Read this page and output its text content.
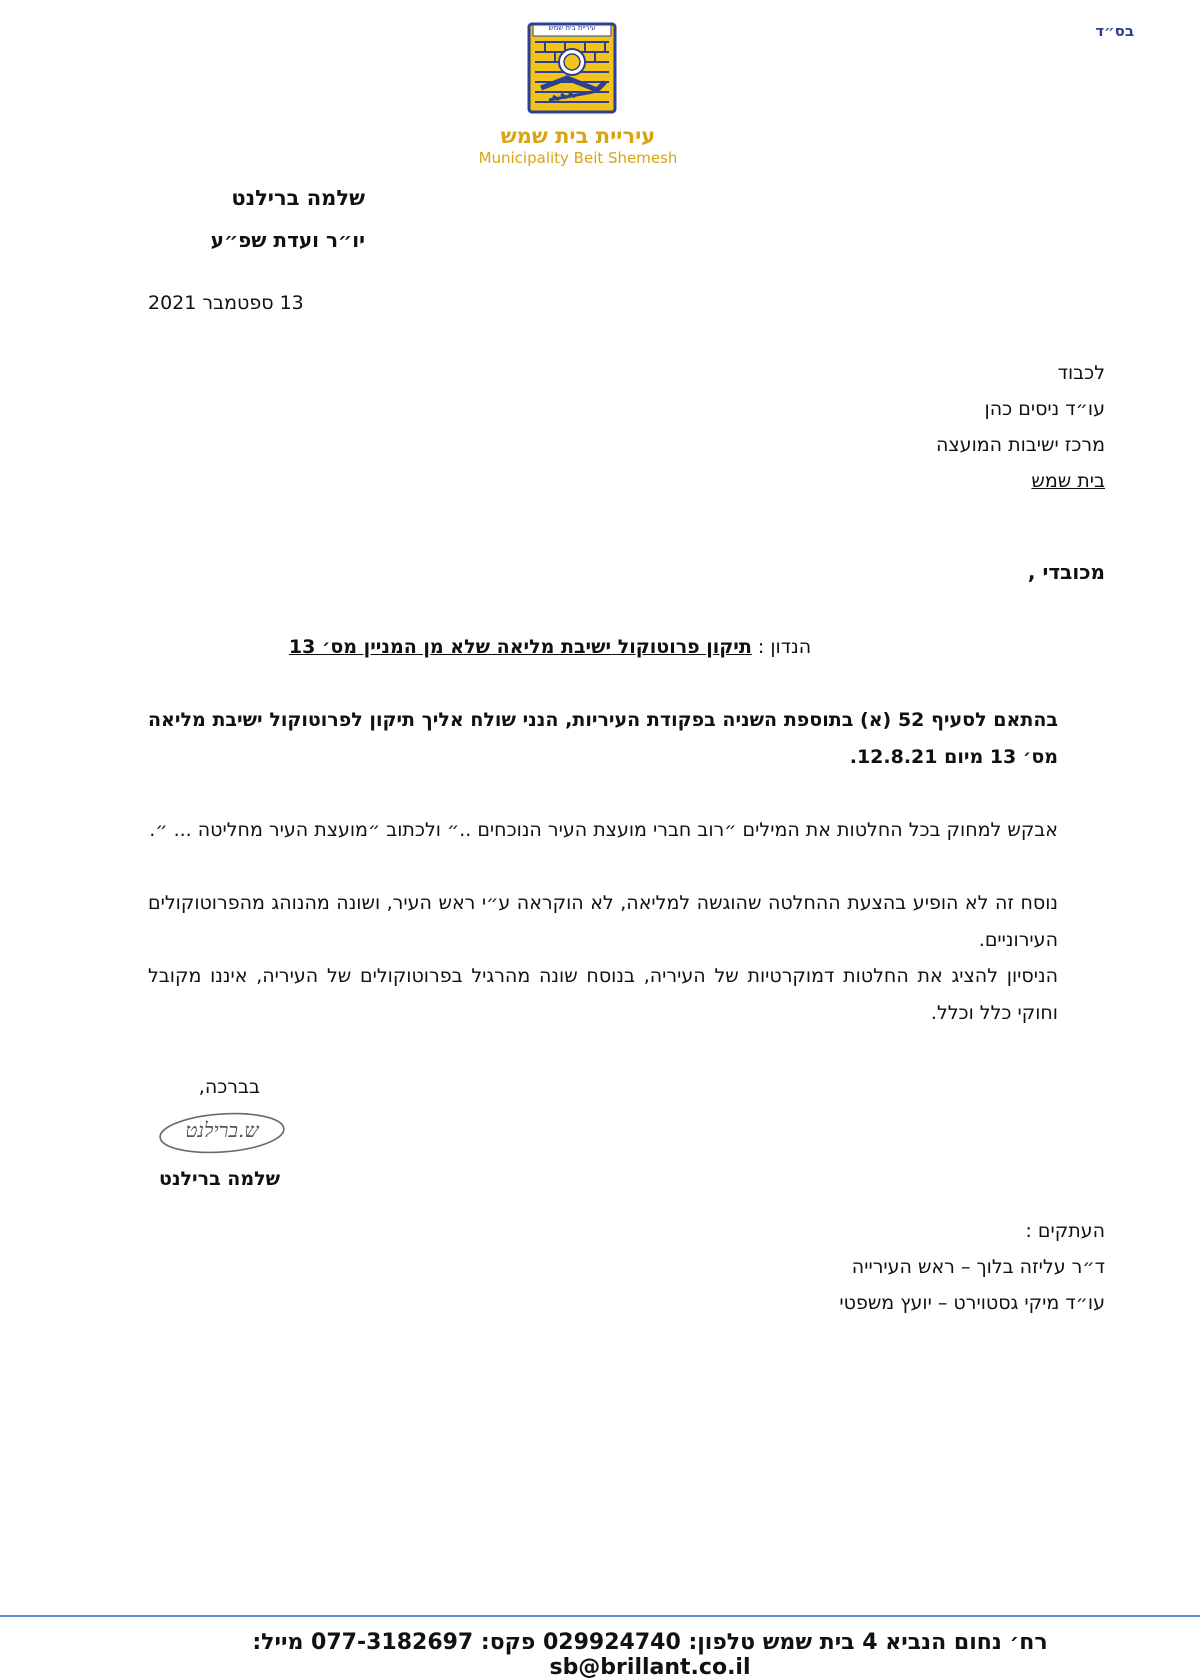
בס״ד
עיריית בית שמש
עיריית בית שמש
Municipality Beit Shemesh
שלמה ברילנט
יו״ר ועדת שפ״ע
13 ספטמבר 2021
לכבוד
עו״ד ניסים כהן
מרכז ישיבות המועצה
בית שמש
מכובדי ,
הנדון : תיקון פרוטוקול ישיבת מליאה שלא מן המניין מס׳ 13
בהתאם לסעיף 52 (א) בתוספת השניה בפקודת העיריות, הנני שולח אליך תיקון לפרוטוקול ישיבת מליאה מס׳ 13 מיום 12.8.21.
אבקש למחוק בכל החלטות את המילים ״רוב חברי מועצת העיר הנוכחים ..״ ולכתוב ״מועצת העיר מחליטה ... ״.
נוסח זה לא הופיע בהצעת ההחלטה שהוגשה למליאה, לא הוקראה ע״י ראש העיר, ושונה מהנוהג מהפרוטוקולים העירוניים.
הניסיון להציג את החלטות דמוקרטיות של העיריה, בנוסח שונה מהרגיל בפרוטוקולים של העיריה, איננו מקובל וחוקי כלל וכלל.
בברכה,
ש.ברילנט
שלמה ברילנט
העתקים :
ד״ר עליזה בלוך – ראש העירייה
עו״ד מיקי גסטוירט – יועץ משפטי
רח׳ נחום הנביא 4 בית שמש טלפון: 029924740 פקס: 077-3182697 מייל: sb@brillant.co.il
